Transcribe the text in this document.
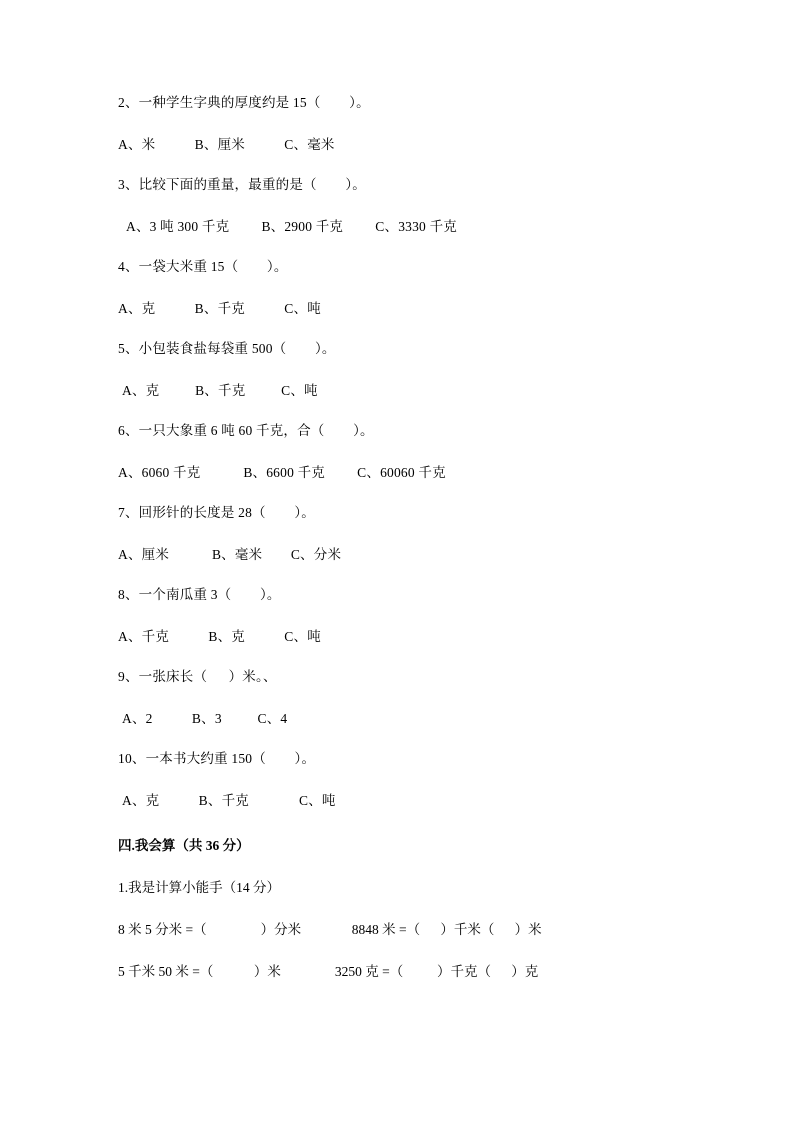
2、一种学生字典的厚度约是 15（        ）。
A、米           B、厘米           C、毫米
3、比较下面的重量，最重的是（        ）。
A、3 吨 300 千克         B、2900 千克         C、3330 千克
4、一袋大米重 15（        ）。
A、克           B、千克           C、吨
5、小包装食盐每袋重 500（        ）。
A、克          B、千克          C、吨
6、一只大象重 6 吨 60 千克，合（        ）。
A、6060 千克            B、6600 千克         C、60060 千克
7、回形针的长度是 28（        ）。
A、厘米            B、毫米        C、分米
8、一个南瓜重 3（        ）。
A、千克           B、克           C、吨
9、一张床长（      ）米。、
A、2           B、3          C、4
10、一本书大约重 150（        ）。
A、克           B、千克              C、吨
四.我会算（共 36 分）
1.我是计算小能手（14 分）
8 米 5 分米 =（                ）分米               8848 米 =（      ）千米（      ）米
5 千米 50 米 =（            ）米                3250 克 =（          ）千克（      ）克
